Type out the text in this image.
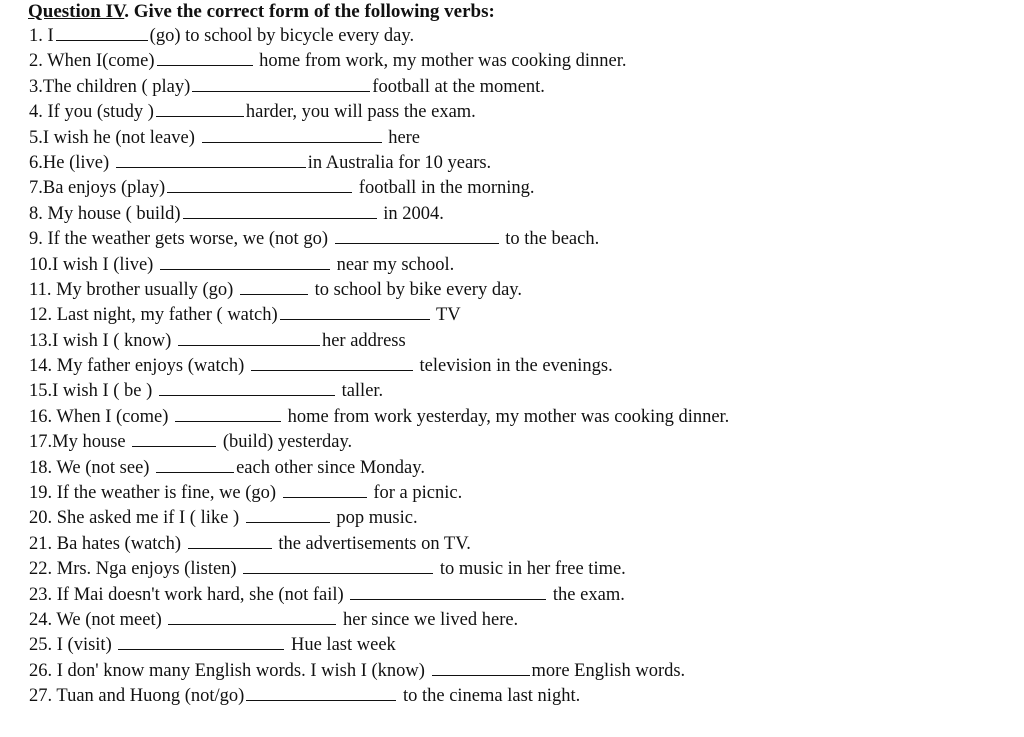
Question IV. Give the correct form of the following verbs:
1. I	(go) to school by bicycle every day.
2. When I(come)	home from work, my mother was cooking dinner.
3.The children ( play)	football at the moment.
4. If you (study )	harder, you will pass the exam.
5.I wish he (not leave)	here
6.He (live)	in Australia for 10 years.
7.Ba enjoys (play)	football in the morning.
8. My house ( build)	in 2004.
9. If the weather gets worse, we (not go)	to the beach.
10.I wish I (live)	near my school.
11. My brother usually (go)	to school by bike every day.
12. Last night, my father ( watch)	TV
13.I wish I ( know)	her address
14. My father enjoys (watch)	television in the evenings.
15.I wish I ( be )	taller.
16. When I (come)	home from work yesterday, my mother was cooking dinner.
17.My house	(build) yesterday.
18. We (not see)	each other since Monday.
19. If the weather is fine, we (go)	for a picnic.
20. She asked me if I ( like )	pop music.
21. Ba hates (watch)	the advertisements on TV.
22. Mrs. Nga enjoys (listen)	to music in her free time.
23. If Mai doesn't work hard, she (not fail)	the exam.
24. We (not meet)	her since we lived here.
25. I (visit)	Hue last week
26. I don' know many English words. I wish I (know)	more English words.
27. Tuan and Huong (not/go)	to the cinema last night.
